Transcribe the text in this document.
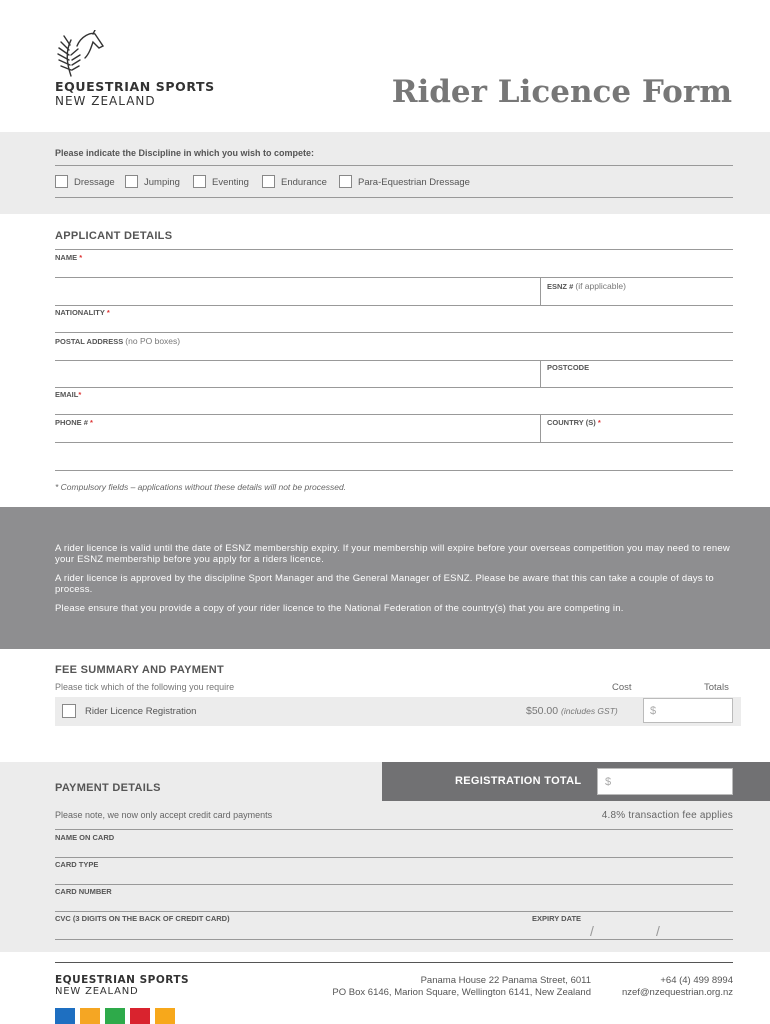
EQUESTRIAN SPORTS
NEW ZEALAND	Rider Licence Form
Please indicate the Discipline in which you wish to compete:
Dressage	Jumping	Eventing	Endurance	Para-Equestrian Dressage
APPLICANT DETAILS
NAME *
ESNZ # (if applicable)
NATIONALITY *
POSTAL ADDRESS (no PO boxes)
POSTCODE
EMAIL*
PHONE # *	COUNTRY (S) *
* Compulsory fields – applications without these details will not be processed.
A rider licence is valid until the date of ESNZ membership expiry. If your membership will expire before your overseas competition you may need to renew your ESNZ membership before you apply for a riders licence.
A rider licence is approved by the discipline Sport Manager and the General Manager of ESNZ. Please be aware that this can take a couple of days to process.
Please ensure that you provide a copy of your rider licence to the National Federation of the country(s) that you are competing in.
FEE SUMMARY AND PAYMENT
Please tick which of the following you require	Cost	Totals
Rider Licence Registration	$50.00 (includes GST)	$
REGISTRATION TOTAL	$
PAYMENT DETAILS
Please note, we now only accept credit card payments	4.8% transaction fee applies
NAME ON CARD
CARD TYPE
CARD NUMBER
CVC (3 DIGITS ON THE BACK OF CREDIT CARD)	EXPIRY DATE
/	/
EQUESTRIAN SPORTS
NEW ZEALAND
Panama House 22 Panama Street, 6011
PO Box 6146, Marion Square, Wellington 6141, New Zealand
+64 (4) 499 8994
nzef@nzequestrian.org.nz
